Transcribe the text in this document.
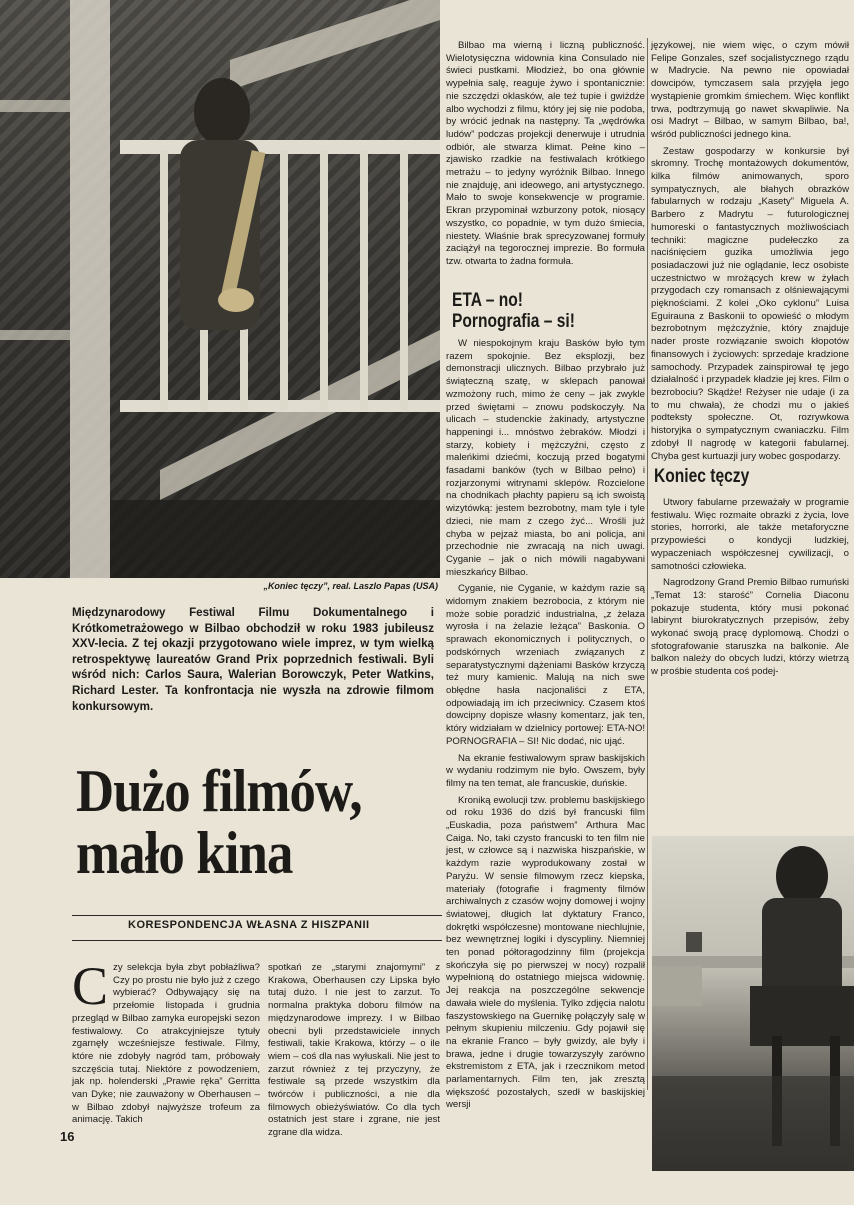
„Koniec tęczy”, real. Laszlo Papas (USA)

Bilbao ma wierną i liczną publiczność. Wielotysięczna widownia kina Consulado nie świeci pustkami. Młodzież, bo ona głównie wypełnia salę, reaguje żywo i spontanicznie: nie szczędzi oklasków, ale też tupie i gwiżdże albo wychodzi z filmu, który jej się nie podoba, by wrócić jednak na następny. Ta „wędrówka ludów” podczas projekcji denerwuje i utrudnia odbiór, ale stwarza klimat. Pełne kino – zjawisko rzadkie na festiwalach krótkiego metrażu – to jedyny wyróżnik Bilbao. Innego nie znajduję, ani ideowego, ani artystycznego. Mało to swoje konsekwencje w programie. Ekran przypominał wzburzony potok, niosący wszystko, co popadnie, w tym dużo śmiecia, niestety. Właśnie brak sprecyzowanej formuły zaciążył na tegorocznej imprezie. Bo formuła tzw. otwarta to żadna formuła.

ETA – no!
Pornografia – si!

W niespokojnym kraju Basków było tym razem spokojnie. Bez eksplozji, bez demonstracji ulicznych. Bilbao przybrało już świąteczną szatę, w sklepach panował wzmożony ruch, mimo że ceny – jak zwykle przed świętami – znowu podskoczyły. Na ulicach – studenckie żakinady, artystyczne happeningi i... mnóstwo żebraków. Młodzi i starzy, kobiety i mężczyźni, często z maleńkimi dziećmi, koczują przed bogatymi fasadami banków (tych w Bilbao pełno) i rozjarzonymi witrynami sklepów. Rozcielone na chodnikach płachty papieru są ich swoistą wizytówką: jestem bezrobotny, mam tyle i tyle dzieci, nie mam z czego żyć... Wrośli już chyba w pejzaż miasta, bo ani policja, ani przechodnie nie zwracają na nich uwagi. Cyganie – jak o nich mówili nagabywani mieszkańcy Bilbao.

Cyganie, nie Cyganie, w każdym razie są widomym znakiem bezrobocia, z którym nie może sobie poradzić industrialna, „z żelaza wyrosła i na żelazie leżąca” Baskonia. O sprawach ekonomicznych i politycznych, o podskórnych wrzeniach związanych z separatystycznymi dążeniami Basków krzyczą też mury kamienic. Malują na nich swe obłędne hasła nacjonaliści z ETA, odpowiadają im ich przeciwnicy. Czasem ktoś dowcipny dopisze własny komentarz, jak ten, który widziałam w dzielnicy portowej: ETA-NO! PORNOGRAFIA – SI! Nic dodać, nic ująć.

Na ekranie festiwalowym spraw baskijskich w wydaniu rodzimym nie było. Owszem, były filmy na ten temat, ale francuskie, duńskie.

Kroniką ewolucji tzw. problemu baskijskiego od roku 1936 do dziś był francuski film „Euskadia, poza państwem” Arthura Mac Caiga. No, taki czysto francuski to ten film nie jest, w człowce są i nazwiska hiszpańskie, w każdym razie wyprodukowany został w Paryżu. W sensie filmowym rzecz kiepska, materiały (fotografie i fragmenty filmów archiwalnych z czasów wojny domowej i wojny światowej, długich lat dyktatury Franco, dokrętki współczesne) montowane niechlujnie, bez wewnętrznej logiki i dyscypliny. Niemniej ten ponad półtoragodzinny film (projekcja skończyła się po pierwszej w nocy) rozpalił wypełnioną do ostatniego miejsca widownię. Jej reakcja na poszczególne sekwencje dawała wiele do myślenia. Tylko zdjęcia nalotu faszystowskiego na Guernikę połączyły salę w pełnym skupieniu milczeniu. Gdy pojawił się na ekranie Franco – były gwizdy, ale były i brawa, jedne i drugie towarzyszyły zarówno ekstremistom z ETA, jak i rzecznikom metod parlamentarnych. Film ten, jak zresztą większość pozostałych, szedł w baskijskiej wersji

językowej, nie wiem więc, o czym mówił Felipe Gonzales, szef socjalistycznego rządu w Madrycie. Na pewno nie opowiadał dowcipów, tymczasem sala przyjęła jego wystąpienie gromkim śmiechem. Więc konflikt trwa, podtrzymują go nawet skwapliwie. Na osi Madryt – Bilbao, w samym Bilbao, ba!, wśród publiczności jednego kina.

Zestaw gospodarzy w konkursie był skromny. Trochę montażowych dokumentów, kilka filmów animowanych, sporo sympatycznych, ale błahych obrazków fabularnych w rodzaju „Kasety” Miguela A. Barbero z Madrytu – futurologicznej humoreski o fantastycznych możliwościach techniki: magiczne pudełeczko za naciśnięciem guzika umożliwia jego posiadaczowi już nie oglądanie, lecz osobiste uczestnictwo w mrożących krew w żyłach przygodach czy romansach z olśniewającymi pięknościami. Z kolei „Oko cyklonu” Luisa Eguirauna z Baskonii to opowieść o młodym bezrobotnym mężczyźnie, który znajduje nader proste rozwiązanie swoich kłopotów finansowych i życiowych: sprzedaje kradzione samochody. Przypadek zainspirował tę jego działalność i przypadek kładzie jej kres. Film o bezrobociu? Skądże! Reżyser nie udaje (i za to mu chwała), że chodzi mu o jakieś podteksty społeczne. Ot, rozrywkowa historyjka o sympatycznym cwaniaczku. Film zdobył II nagrodę w kategorii fabularnej. Chyba gest kurtuazji jury wobec gospodarzy.

Koniec tęczy

Utwory fabularne przeważały w programie festiwalu. Więc rozmaite obrazki z życia, love stories, horrorki, ale także metaforyczne przypowieści o kondycji ludzkiej, wypaczeniach współczesnej cywilizacji, o samotności człowieka.

Nagrodzony Grand Premio Bilbao rumuński „Temat 13: starość” Cornelia Diaconu pokazuje studenta, który musi pokonać labirynt biurokratycznych przepisów, żeby wykonać swoją pracę dyplomową. Chodzi o sfotografowanie staruszka na balkonie. Ale balkon należy do obcych ludzi, którzy wietrzą w prośbie studenta coś podej-

Międzynarodowy Festiwal Filmu Dokumentalnego i Krótkometrażowego w Bilbao obchodził w roku 1983 jubileusz XXV-lecia. Z tej okazji przygotowano wiele imprez, w tym wielką retrospektywę laureatów Grand Prix poprzednich festiwali. Byli wśród nich: Carlos Saura, Walerian Borowczyk, Peter Watkins, Richard Lester. Ta konfrontacja nie wyszła na zdrowie filmom konkursowym.
Dużo filmów,
mało kina
KORESPONDENCJA WŁASNA Z HISZPANII

Czy selekcja była zbyt pobłażliwa? Czy po prostu nie było już z czego wybierać? Odbywający się na przełomie listopada i grudnia przegląd w Bilbao zamyka europejski sezon festiwalowy. Co atrakcyjniejsze tytuły zgarnęły wcześniejsze festiwale. Filmy, które nie zdobyły nagród tam, próbowały szczęścia tutaj. Niektóre z powodzeniem, jak np. holenderski „Prawie ręka” Gerritta van Dyke; nie zauważony w Oberhausen – w Bilbao zdobył najwyższe trofeum za animację. Takich

spotkań ze „starymi znajomymi” z Krakowa, Oberhausen czy Lipska było tutaj dużo. I nie jest to zarzut. To normalna praktyka doboru filmów na międzynarodowe imprezy. I w Bilbao obecni byli przedstawiciele innych festiwali, takie Krakowa, którzy – o ile wiem – coś dla nas wyłuskali. Nie jest to zarzut również z tej przyczyny, że festiwale są przede wszystkim dla twórców i publiczności, a nie dla filmowych obieżyświatów. Co dla tych ostatnich jest stare i zgrane, nie jest zgrane dla widza.

16
